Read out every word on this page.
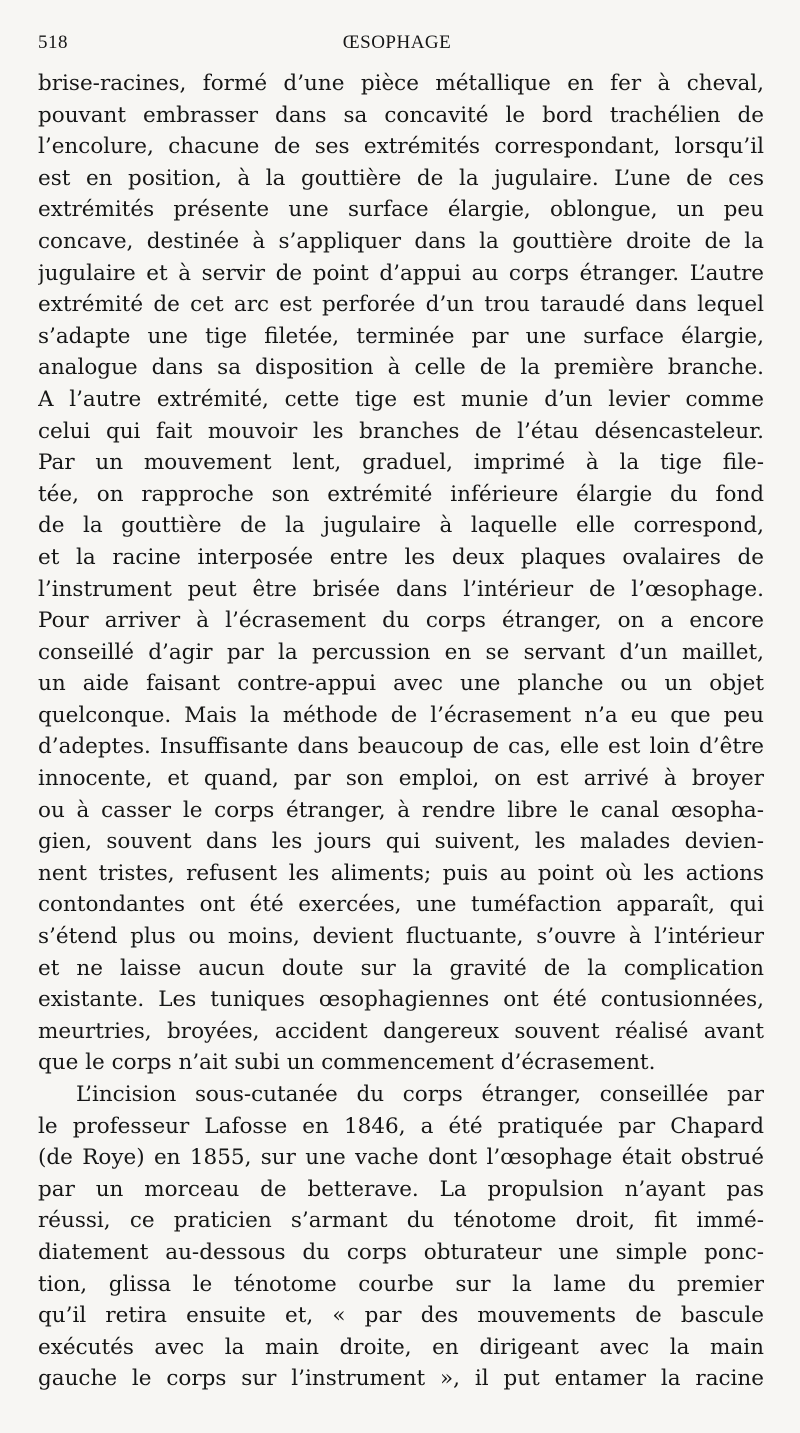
518	ŒSOPHAGE
brise-racines, formé d’une pièce métallique en fer à cheval,
pouvant embrasser dans sa concavité le bord trachélien de
l’encolure, chacune de ses extrémités correspondant, lorsqu’il
est en position, à la gouttière de la jugulaire. L’une de ces
extrémités présente une surface élargie, oblongue, un peu
concave, destinée à s’appliquer dans la gouttière droite de la
jugulaire et à servir de point d’appui au corps étranger. L’autre
extrémité de cet arc est perforée d’un trou taraudé dans lequel
s’adapte une tige filetée, terminée par une surface élargie,
analogue dans sa disposition à celle de la première branche.
A l’autre extrémité, cette tige est munie d’un levier comme
celui qui fait mouvoir les branches de l’étau désencasteleur.
Par un mouvement lent, graduel, imprimé à la tige file-
tée, on rapproche son extrémité inférieure élargie du fond
de la gouttière de la jugulaire à laquelle elle correspond,
et la racine interposée entre les deux plaques ovalaires de
l’instrument peut être brisée dans l’intérieur de l’œsophage.
Pour arriver à l’écrasement du corps étranger, on a encore
conseillé d’agir par la percussion en se servant d’un maillet,
un aide faisant contre-appui avec une planche ou un objet
quelconque. Mais la méthode de l’écrasement n’a eu que peu
d’adeptes. Insuffisante dans beaucoup de cas, elle est loin d’être
innocente, et quand, par son emploi, on est arrivé à broyer
ou à casser le corps étranger, à rendre libre le canal œsopha-
gien, souvent dans les jours qui suivent, les malades devien-
nent tristes, refusent les aliments; puis au point où les actions
contondantes ont été exercées, une tuméfaction apparaît, qui
s’étend plus ou moins, devient fluctuante, s’ouvre à l’intérieur
et ne laisse aucun doute sur la gravité de la complication
existante. Les tuniques œsophagiennes ont été contusionnées,
meurtries, broyées, accident dangereux souvent réalisé avant
que le corps n’ait subi un commencement d’écrasement.
L’incision sous-cutanée du corps étranger, conseillée par
le professeur Lafosse en 1846, a été pratiquée par Chapard
(de Roye) en 1855, sur une vache dont l’œsophage était obstrué
par un morceau de betterave. La propulsion n’ayant pas
réussi, ce praticien s’armant du ténotome droit, fit immé-
diatement au-dessous du corps obturateur une simple ponc-
tion, glissa le ténotome courbe sur la lame du premier
qu’il retira ensuite et, « par des mouvements de bascule
exécutés avec la main droite, en dirigeant avec la main
gauche le corps sur l’instrument », il put entamer la racine
